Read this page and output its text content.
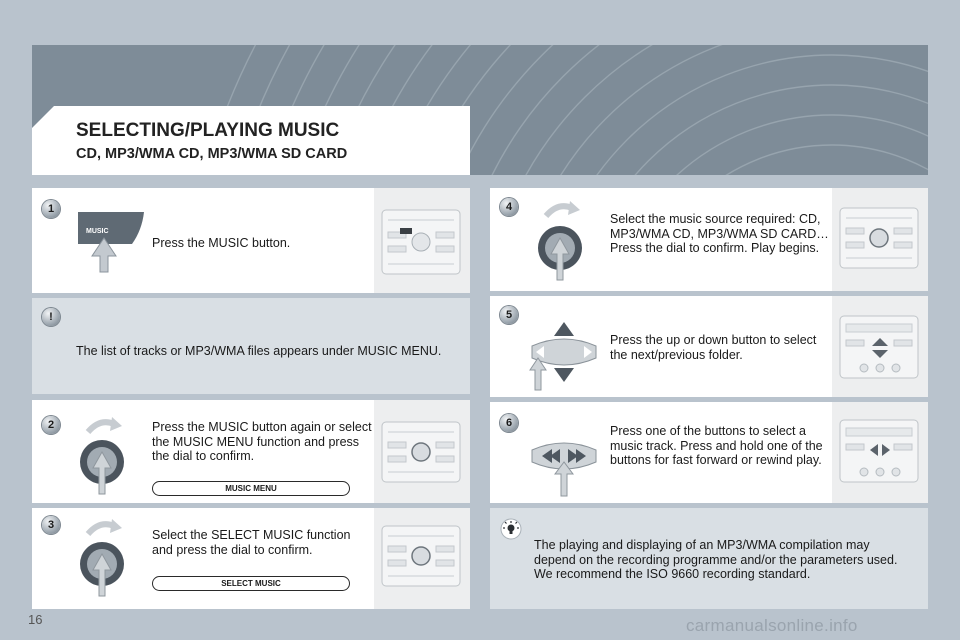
SELECTING/PLAYING MUSIC
CD, MP3/WMA CD, MP3/WMA SD CARD
1
MUSIC
Press the MUSIC button.
!
The list of tracks or MP3/WMA files appears under MUSIC MENU.
2	Press the MUSIC button again or select the MUSIC MENU function and press the dial to confirm.
MUSIC MENU
3
Select the SELECT MUSIC function and press the dial to confirm.
SELECT MUSIC
4
Select the music source required: CD, MP3/WMA CD, MP3/WMA SD CARD… Press the dial to confirm. Play begins.
5
Press the up or down button to select the next/previous folder.
6
Press one of the buttons to select a music track. Press and hold one of the buttons for fast forward or rewind play.
The playing and displaying of an MP3/WMA compilation may depend on the recording programme and/or the parameters used. We recommend the ISO 9660 recording standard.
16	carmanualsonline.info
